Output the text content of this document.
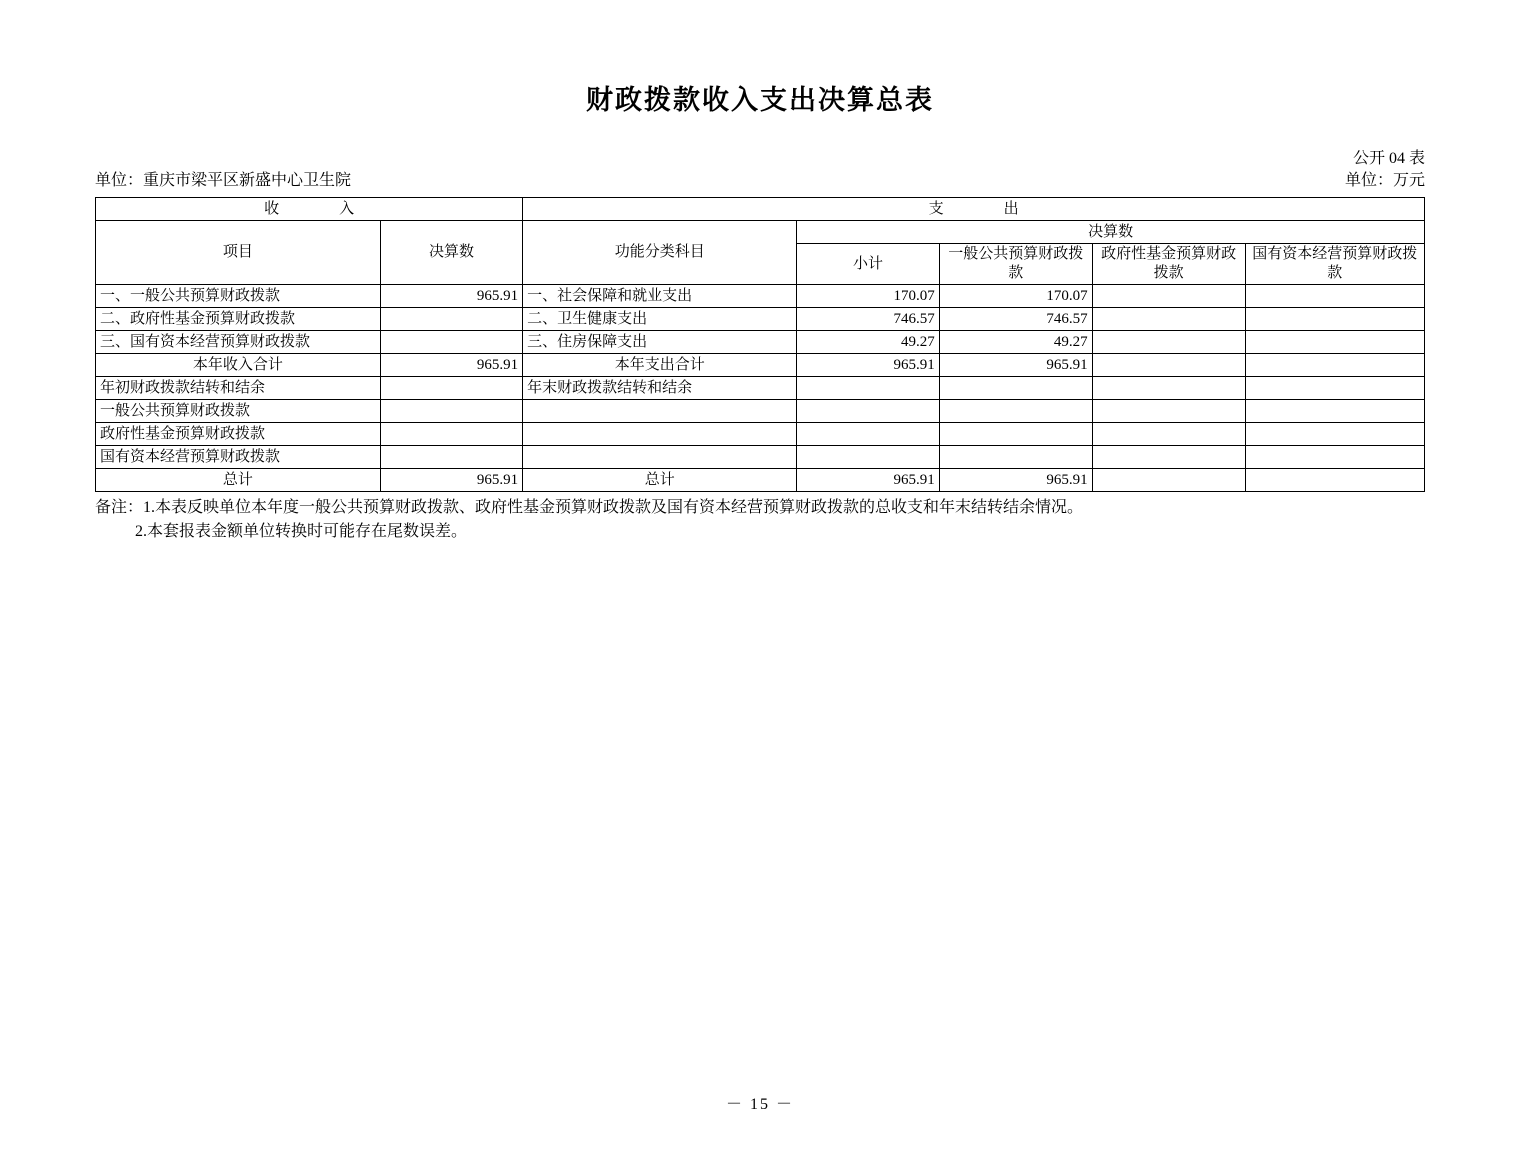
财政拨款收入支出决算总表
公开 04 表
单位：重庆市梁平区新盛中心卫生院	单位：万元
收　　入		支　　出				
项目	决算数	功能分类科目	决算数			
			小计	一般公共预算财政拨款	政府性基金预算财政拨款	国有资本经营预算财政拨款
一、一般公共预算财政拨款	965.91	一、社会保障和就业支出	170.07	170.07		
二、政府性基金预算财政拨款		二、卫生健康支出	746.57	746.57		
三、国有资本经营预算财政拨款		三、住房保障支出	49.27	49.27		
本年收入合计	965.91	本年支出合计	965.91	965.91		
年初财政拨款结转和结余		年末财政拨款结转和结余				
一般公共预算财政拨款						
政府性基金预算财政拨款						
国有资本经营预算财政拨款						
总计	965.91	总计	965.91	965.91		
备注：1.本表反映单位本年度一般公共预算财政拨款、政府性基金预算财政拨款及国有资本经营预算财政拨款的总收支和年末结转结余情况。
2.本套报表金额单位转换时可能存在尾数误差。
－ 15 －
